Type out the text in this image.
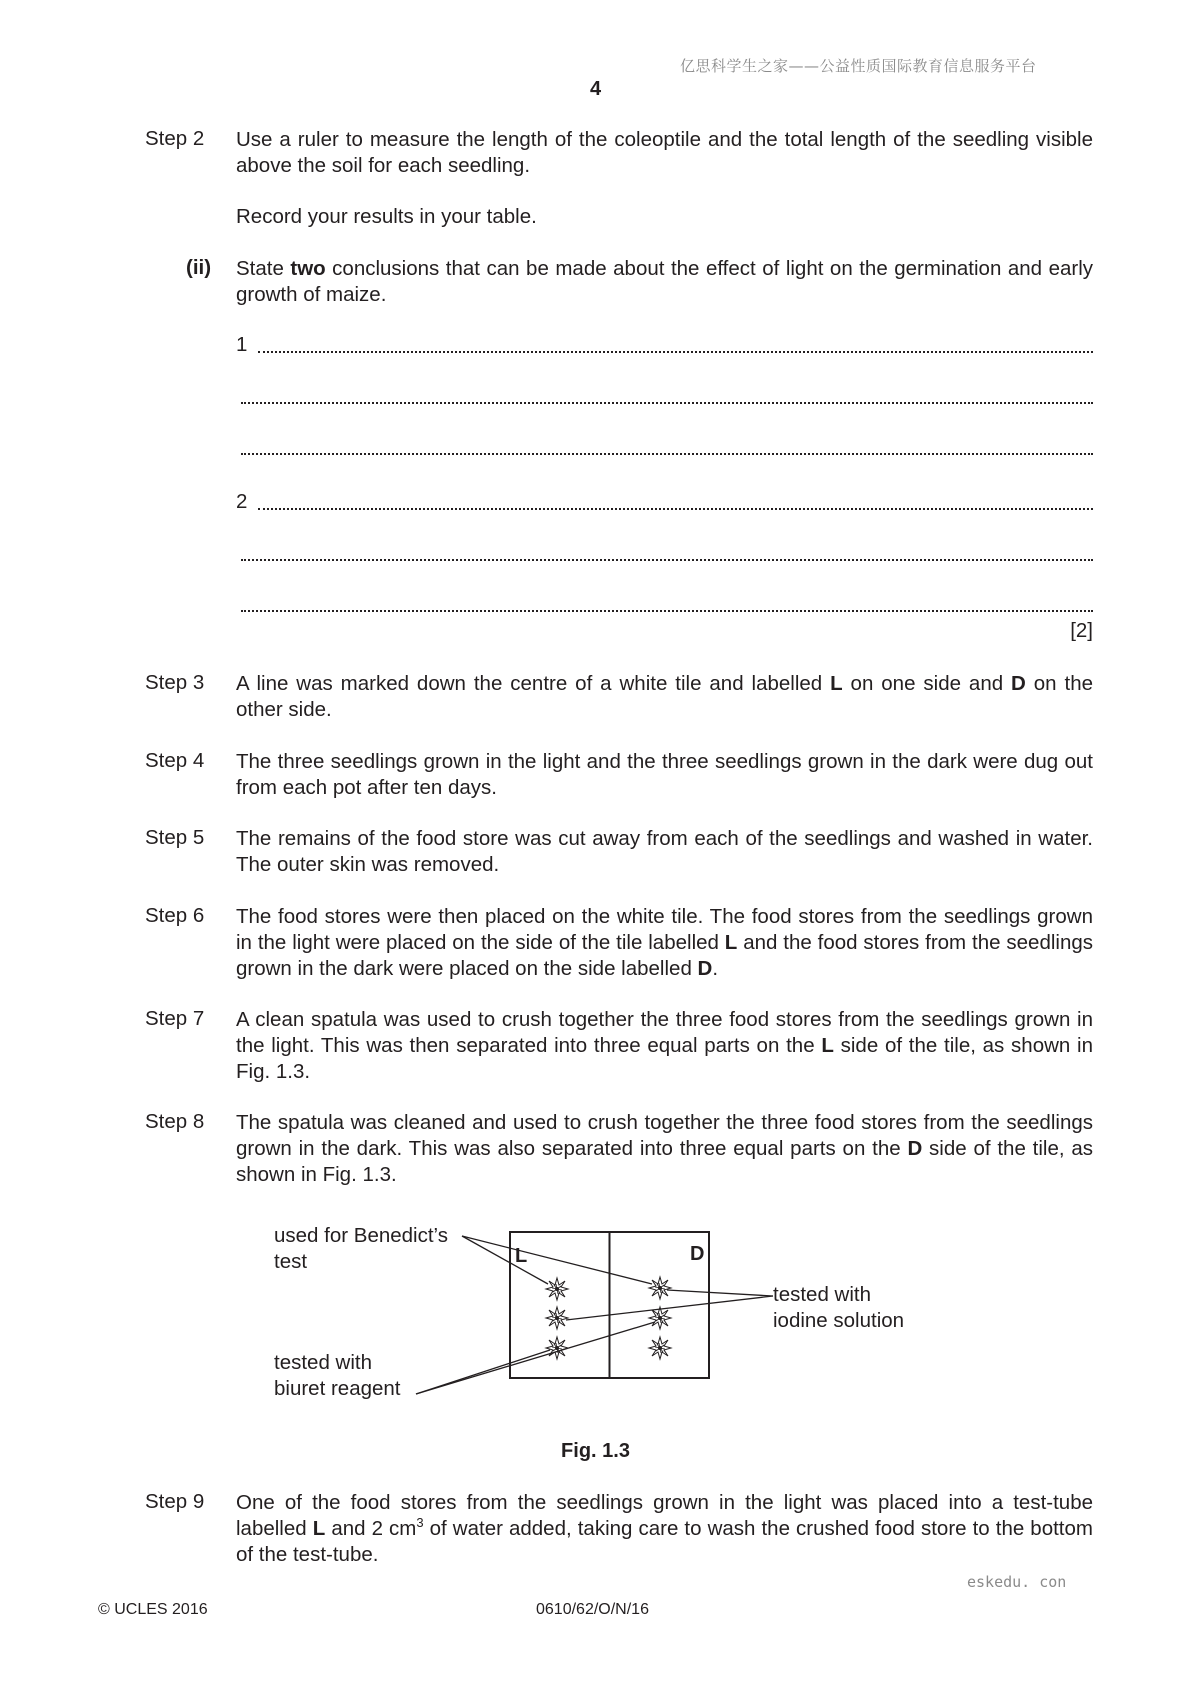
亿思科学生之家——公益性质国际教育信息服务平台
4
Step 2	Use a ruler to measure the length of the coleoptile and the total length of the seedling visible above the soil for each seedling.
Record your results in your table.
(ii) State two conclusions that can be made about the effect of light on the germination and early growth of maize.
1
2
[2]
Step 3	A line was marked down the centre of a white tile and labelled L on one side and D on the other side.
Step 4	The three seedlings grown in the light and the three seedlings grown in the dark were dug out from each pot after ten days.
Step 5	The remains of the food store was cut away from each of the seedlings and washed in water. The outer skin was removed.
Step 6	The food stores were then placed on the white tile. The food stores from the seedlings grown in the light were placed on the side of the tile labelled L and the food stores from the seedlings grown in the dark were placed on the side labelled D.
Step 7	A clean spatula was used to crush together the three food stores from the seedlings grown in the light. This was then separated into three equal parts on the L side of the tile, as shown in Fig. 1.3.
Step 8	The spatula was cleaned and used to crush together the three food stores from the seedlings grown in the dark. This was also separated into three equal parts on the D side of the tile, as shown in Fig. 1.3.
L	D
used for Benedict’s
test
tested with
iodine solution
tested with
biuret reagent
Fig. 1.3
Step 9	One of the food stores from the seedlings grown in the light was placed into a test-tube labelled L and 2 $cm^3$ of water added, taking care to wash the crushed food store to the bottom of the test-tube.
eskedu. con
© UCLES 2016	0610/62/O/N/16
